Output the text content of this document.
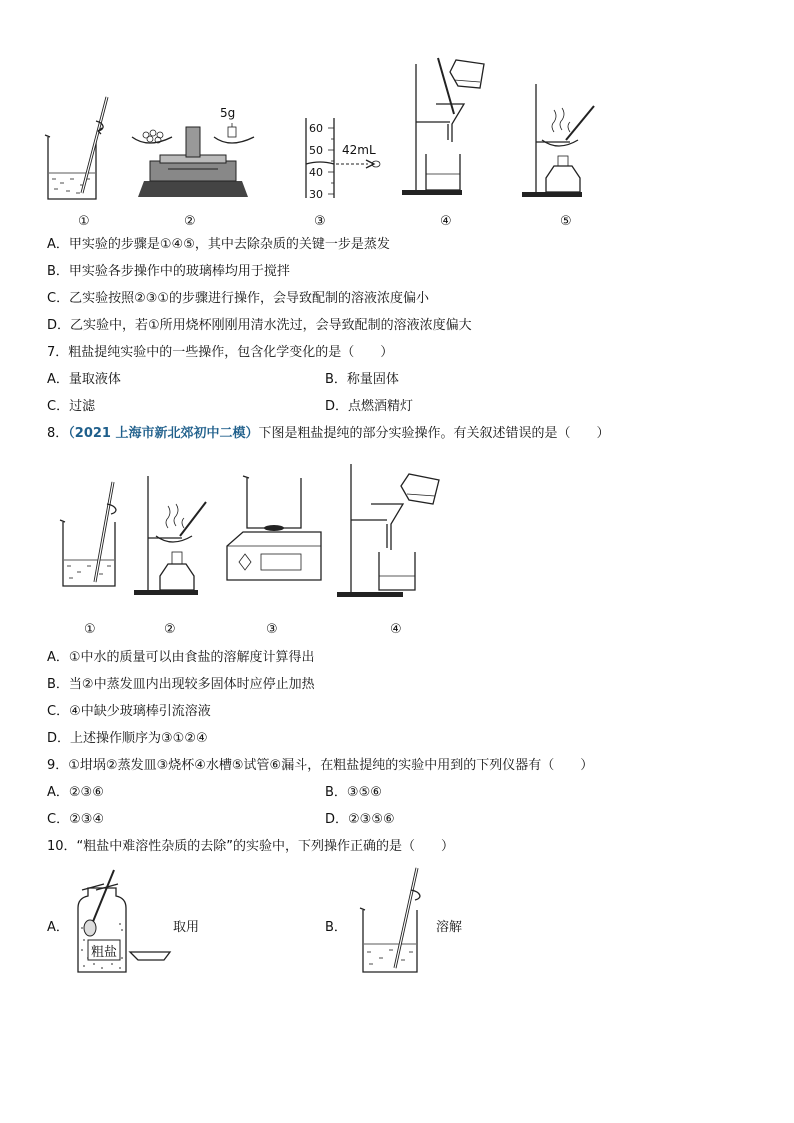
5g
60
50
40
30
42mL
①	②	③	④	⑤
A．甲实验的步骤是①④⑤，其中去除杂质的关键一步是蒸发
B．甲实验各步操作中的玻璃棒均用于搅拌
C．乙实验按照②③①的步骤进行操作，会导致配制的溶液浓度偏小
D．乙实验中，若①所用烧杯刚刚用清水洗过，会导致配制的溶液浓度偏大
7．粗盐提纯实验中的一些操作，包含化学变化的是（　　）
A．量取液体	B．称量固体
C．过滤	D．点燃酒精灯
8．（2021 上海市新北郊初中二模）下图是粗盐提纯的部分实验操作。有关叙述错误的是（　　）
①	②	③	④
A．①中水的质量可以由食盐的溶解度计算得出
B．当②中蒸发皿内出现较多固体时应停止加热
C．④中缺少玻璃棒引流溶液
D．上述操作顺序为③①②④
9．①坩埚②蒸发皿③烧杯④水槽⑤试管⑥漏斗，在粗盐提纯的实验中用到的下列仪器有（　　）
A．②③⑥	B．③⑤⑥
C．②③④	D．②③⑤⑥
10．“粗盐中难溶性杂质的去除”的实验中，下列操作正确的是（　　）
A．
粗盐
取用	B．	溶解
